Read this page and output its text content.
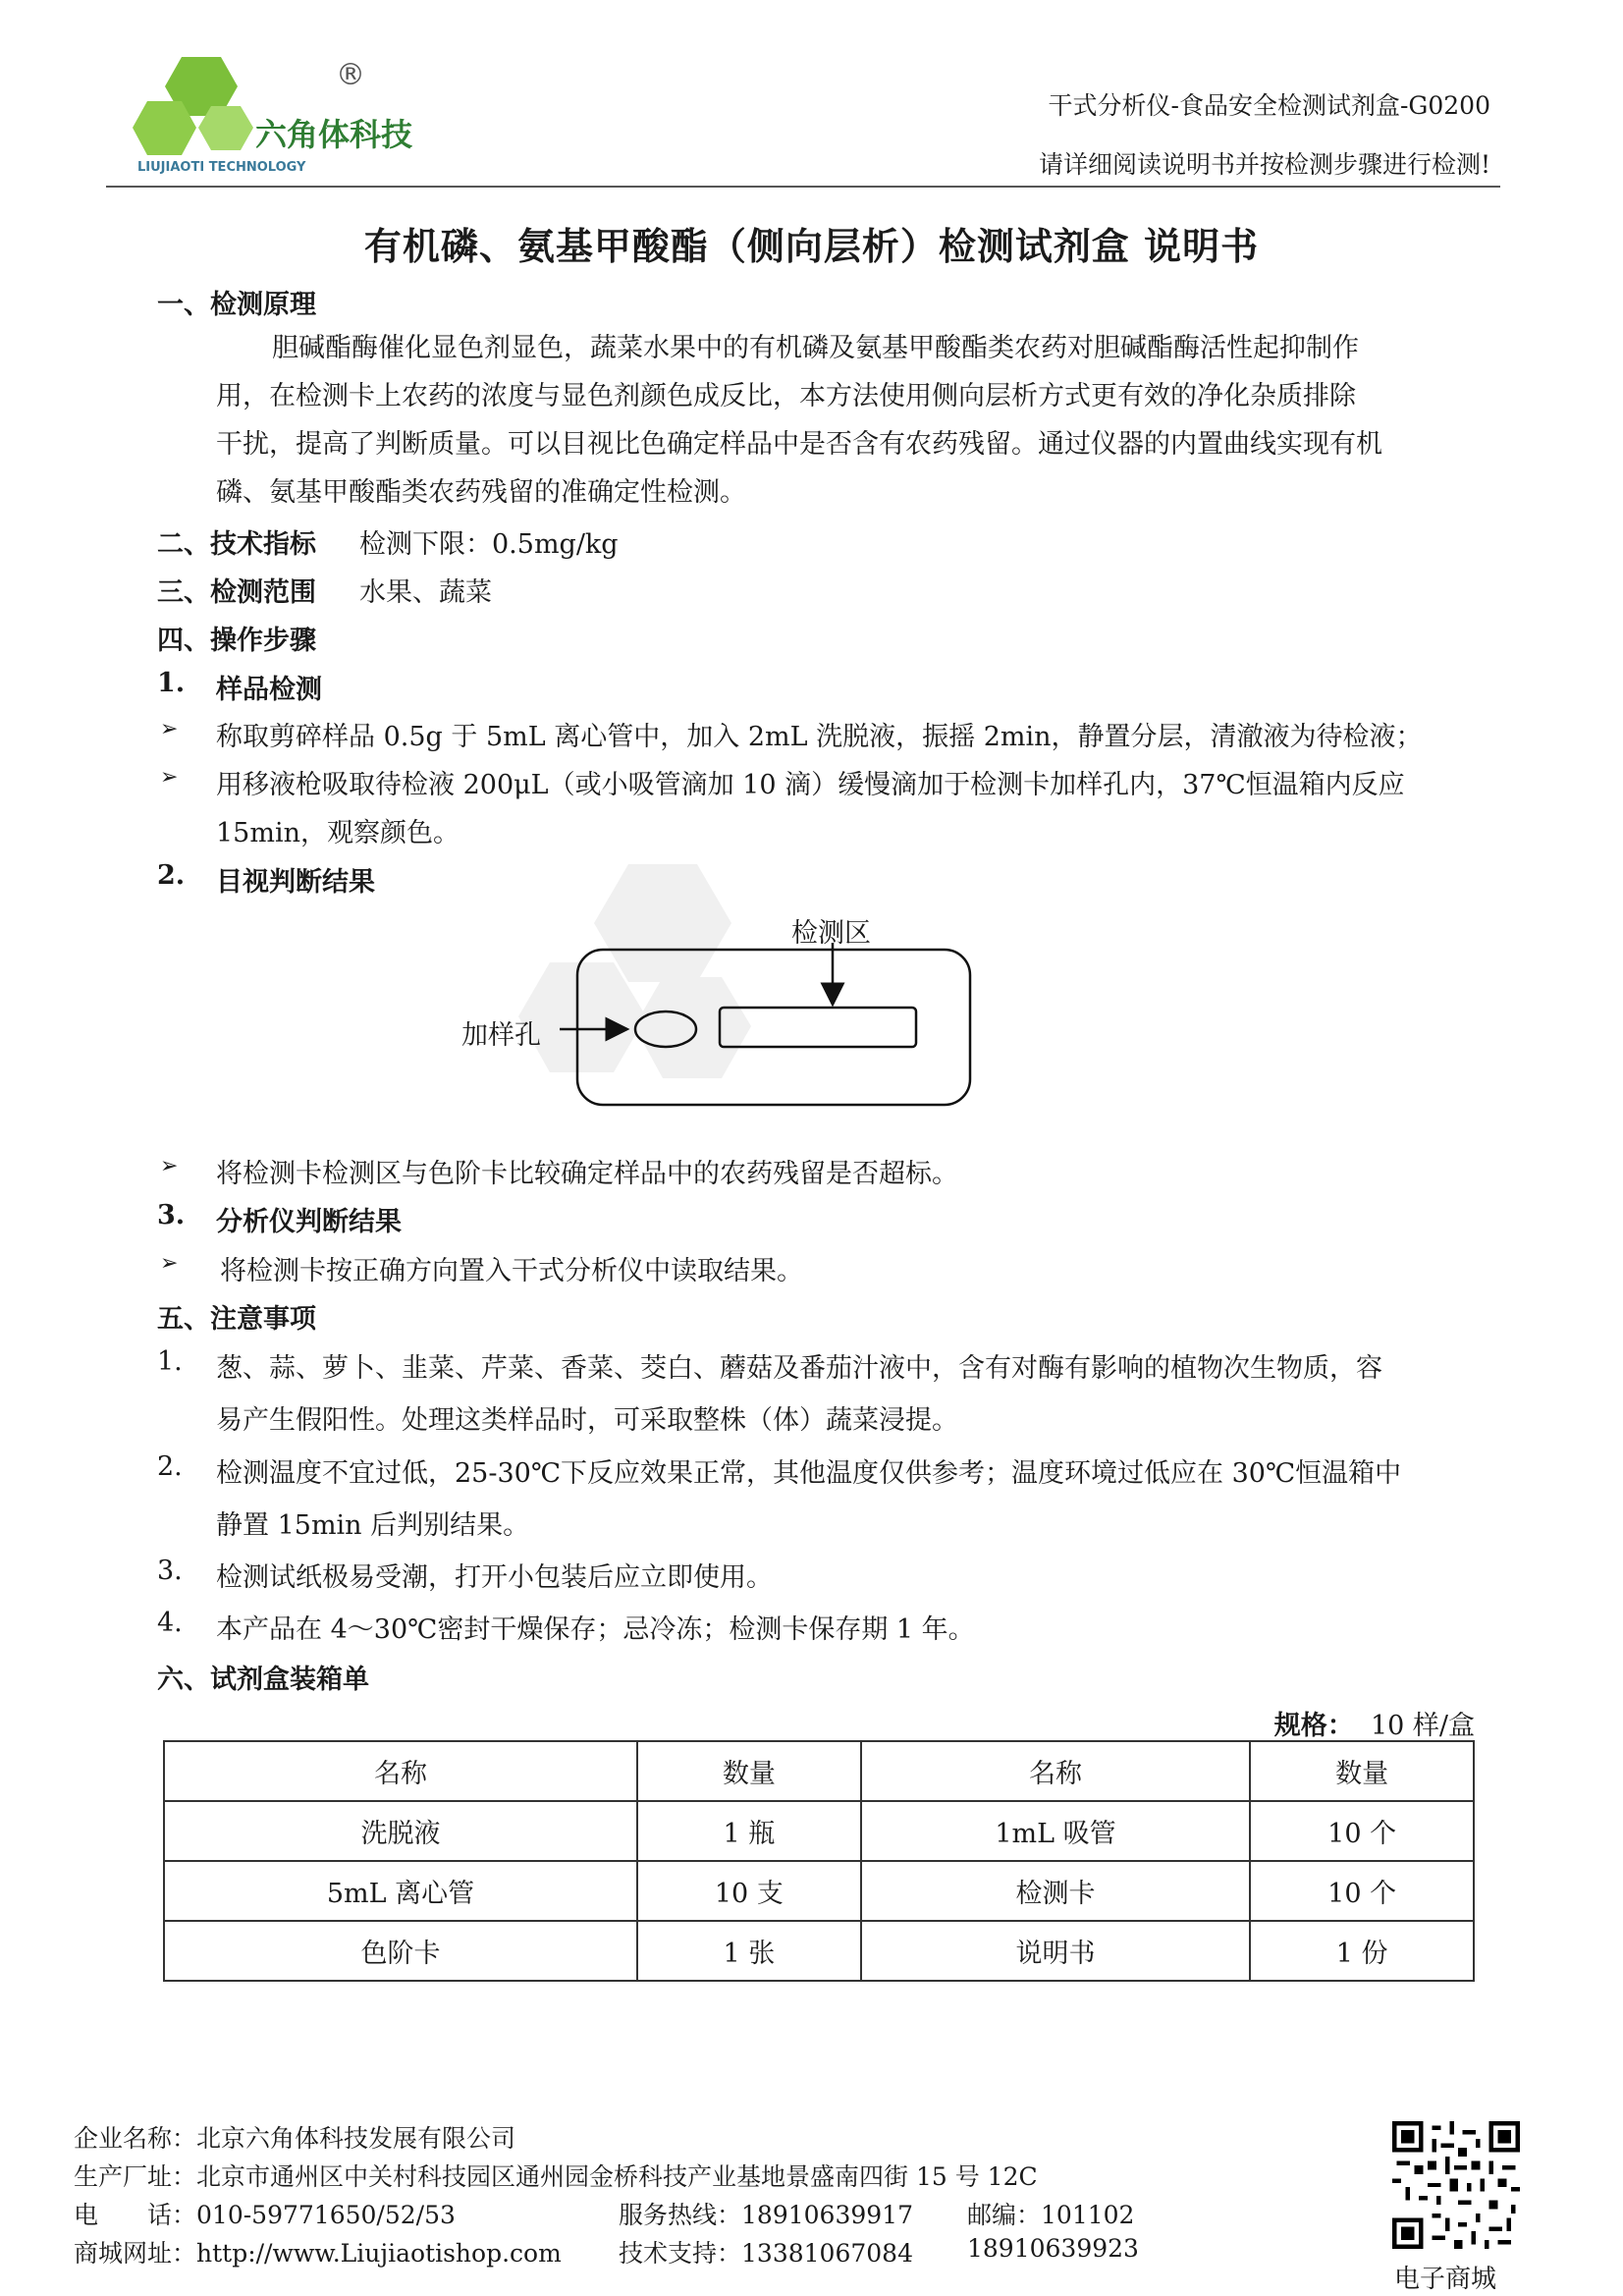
六角体科技
LIUJIAOTI TECHNOLOGY
®
干式分析仪-食品安全检测试剂盒-G0200
请详细阅读说明书并按检测步骤进行检测!
有机磷、氨基甲酸酯（侧向层析）检测试剂盒 说明书
一、检测原理
胆碱酯酶催化显色剂显色，蔬菜水果中的有机磷及氨基甲酸酯类农药对胆碱酯酶活性起抑制作
用，在检测卡上农药的浓度与显色剂颜色成反比，本方法使用侧向层析方式更有效的净化杂质排除
干扰，提高了判断质量。可以目视比色确定样品中是否含有农药残留。通过仪器的内置曲线实现有机
磷、氨基甲酸酯类农药残留的准确定性检测。
二、技术指标 检测下限：0.5mg/kg
三、检测范围 水果、蔬菜
四、操作步骤
1. 样品检测
➢ 称取剪碎样品 0.5g 于 5mL 离心管中，加入 2mL 洗脱液，振摇 2min，静置分层，清澈液为待检液；
➢ 用移液枪吸取待检液 200μL（或小吸管滴加 10 滴）缓慢滴加于检测卡加样孔内，37℃恒温箱内反应
15min，观察颜色。
2. 目视判断结果
检测区
加样孔
➢ 将检测卡检测区与色阶卡比较确定样品中的农药残留是否超标。
3. 分析仪判断结果
➢ 将检测卡按正确方向置入干式分析仪中读取结果。
五、注意事项
1. 葱、蒜、萝卜、韭菜、芹菜、香菜、茭白、蘑菇及番茄汁液中，含有对酶有影响的植物次生物质，容
易产生假阳性。处理这类样品时，可采取整株（体）蔬菜浸提。
2. 检测温度不宜过低，25-30℃下反应效果正常，其他温度仅供参考；温度环境过低应在 30℃恒温箱中
静置 15min 后判别结果。
3. 检测试纸极易受潮，打开小包装后应立即使用。
4. 本产品在 4～30℃密封干燥保存；忌冷冻；检测卡保存期 1 年。
六、试剂盒装箱单
规格： 10 样/盒
名称	数量	名称	数量
洗脱液	1 瓶	1mL 吸管	10 个
5mL 离心管	10 支	检测卡	10 个
色阶卡	1 张	说明书	1 份
企业名称：北京六角体科技发展有限公司
生产厂址：北京市通州区中关村科技园区通州园金桥科技产业基地景盛南四街 15 号 12C
电　　话：010-59771650/52/53	服务热线：18910639917 邮编：101102
商城网址：http://www.Liujiaotishop.com 技术支持：13381067084 18910639923
电子商城
